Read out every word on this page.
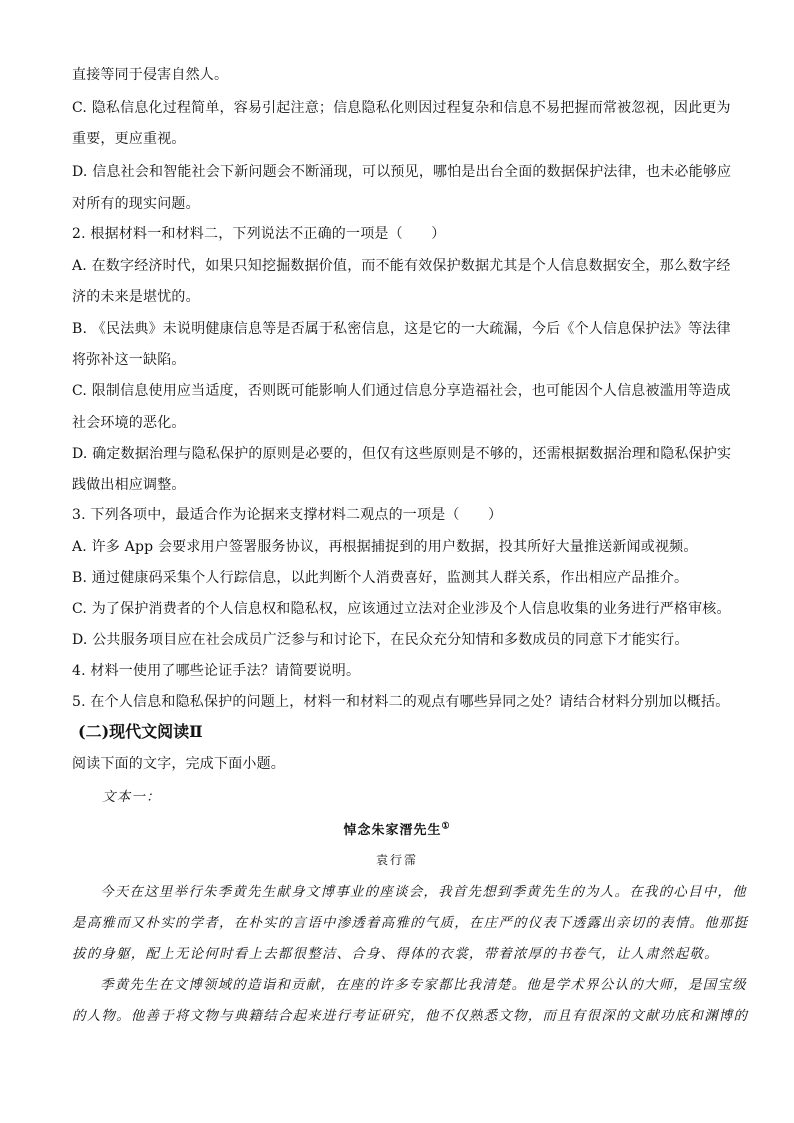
直接等同于侵害自然人。
C. 隐私信息化过程简单，容易引起注意；信息隐私化则因过程复杂和信息不易把握而常被忽视，因此更为
重要，更应重视。
D. 信息社会和智能社会下新问题会不断涌现，可以预见，哪怕是出台全面的数据保护法律，也未必能够应
对所有的现实问题。
2. 根据材料一和材料二，下列说法不正确的一项是（　　）
A. 在数字经济时代，如果只知挖掘数据价值，而不能有效保护数据尤其是个人信息数据安全，那么数字经
济的未来是堪忧的。
B. 《民法典》未说明健康信息等是否属于私密信息，这是它的一大疏漏，今后《个人信息保护法》等法律
将弥补这一缺陷。
C. 限制信息使用应当适度，否则既可能影响人们通过信息分享造福社会，也可能因个人信息被滥用等造成
社会环境的恶化。
D. 确定数据治理与隐私保护的原则是必要的，但仅有这些原则是不够的，还需根据数据治理和隐私保护实
践做出相应调整。
3. 下列各项中，最适合作为论据来支撑材料二观点的一项是（　　）
A. 许多 App 会要求用户签署服务协议，再根据捕捉到的用户数据，投其所好大量推送新闻或视频。
B. 通过健康码采集个人行踪信息，以此判断个人消费喜好，监测其人群关系，作出相应产品推介。
C. 为了保护消费者的个人信息权和隐私权，应该通过立法对企业涉及个人信息收集的业务进行严格审核。
D. 公共服务项目应在社会成员广泛参与和讨论下，在民众充分知情和多数成员的同意下才能实行。
4. 材料一使用了哪些论证手法？请简要说明。
5. 在个人信息和隐私保护的问题上，材料一和材料二的观点有哪些异同之处？请结合材料分别加以概括。
(二)现代文阅读Ⅱ
阅读下面的文字，完成下面小题。
文本一：
悼念朱家溍先生①
袁行霈
今天在这里举行朱季黄先生献身文博事业的座谈会，我首先想到季黄先生的为人。在我的心目中，他
是高雅而又朴实的学者，在朴实的言语中渗透着高雅的气质，在庄严的仪表下透露出亲切的表情。他那挺
拔的身躯，配上无论何时看上去都很整洁、合身、得体的衣裳，带着浓厚的书卷气，让人肃然起敬。
季黄先生在文博领域的造诣和贡献，在座的许多专家都比我清楚。他是学术界公认的大师，是国宝级
的人物。他善于将文物与典籍结合起来进行考证研究，他不仅熟悉文物，而且有很深的文献功底和渊博的
